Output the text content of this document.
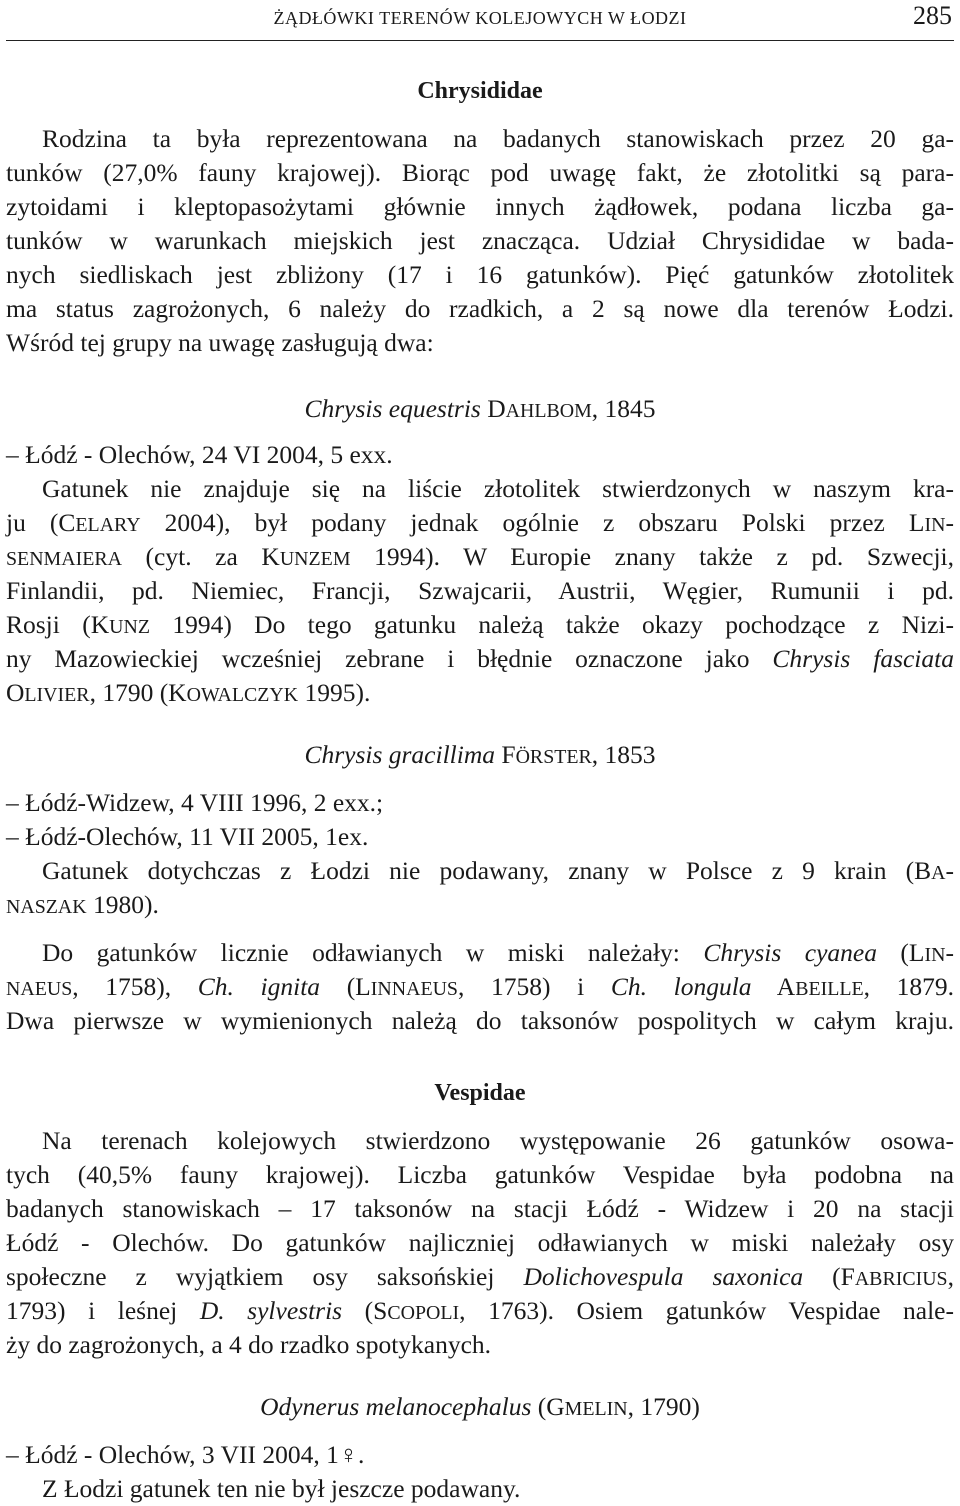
ŻĄDŁÓWKI TERENÓW KOLEJOWYCH W ŁODZI	285
Chrysididae
Rodzina ta była reprezentowana na badanych stanowiskach przez 20 ga-
tunków (27,0% fauny krajowej). Biorąc pod uwagę fakt, że złotolitki są para-
zytoidami i kleptopasożytami głównie innych żądłowek, podana liczba ga-
tunków w warunkach miejskich jest znacząca. Udział Chrysididae w bada-
nych siedliskach jest zbliżony (17 i 16 gatunków). Pięć gatunków złotolitek
ma status zagrożonych, 6 należy do rzadkich, a 2 są nowe dla terenów Łodzi.
Wśród tej grupy na uwagę zasługują dwa:
Chrysis equestris DAHLBOM, 1845
– Łódź - Olechów, 24 VI 2004, 5 exx.
Gatunek nie znajduje się na liście złotolitek stwierdzonych w naszym kra-
ju (CELARY 2004), był podany jednak ogólnie z obszaru Polski przez LIN-
SENMAIERA (cyt. za KUNZEM 1994). W Europie znany także z pd. Szwecji,
Finlandii, pd. Niemiec, Francji, Szwajcarii, Austrii, Węgier, Rumunii i pd.
Rosji (KUNZ 1994) Do tego gatunku należą także okazy pochodzące z Nizi-
ny Mazowieckiej wcześniej zebrane i błędnie oznaczone jako Chrysis fasciata
OLIVIER, 1790 (KOWALCZYK 1995).
Chrysis gracillima FÖRSTER, 1853
– Łódź-Widzew, 4 VIII 1996, 2 exx.;
– Łódź-Olechów, 11 VII 2005, 1ex.
Gatunek dotychczas z Łodzi nie podawany, znany w Polsce z 9 krain (BA-
NASZAK 1980).
Do gatunków licznie odławianych w miski należały: Chrysis cyanea (LIN-
NAEUS, 1758), Ch. ignita (LINNAEUS, 1758) i Ch. longula ABEILLE, 1879.
Dwa pierwsze w wymienionych należą do taksonów pospolitych w całym kraju.
Vespidae
Na terenach kolejowych stwierdzono występowanie 26 gatunków osowa-
tych (40,5% fauny krajowej). Liczba gatunków Vespidae była podobna na
badanych stanowiskach – 17 taksonów na stacji Łódź - Widzew i 20 na stacji
Łódź - Olechów. Do gatunków najliczniej odławianych w miski należały osy
społeczne z wyjątkiem osy saksońskiej Dolichovespula saxonica (FABRICIUS,
1793) i leśnej D. sylvestris (SCOPOLI, 1763). Osiem gatunków Vespidae nale-
ży do zagrożonych, a 4 do rzadko spotykanych.
Odynerus melanocephalus (GMELIN, 1790)
– Łódź - Olechów, 3 VII 2004, 1♀.
Z Łodzi gatunek ten nie był jeszcze podawany.
